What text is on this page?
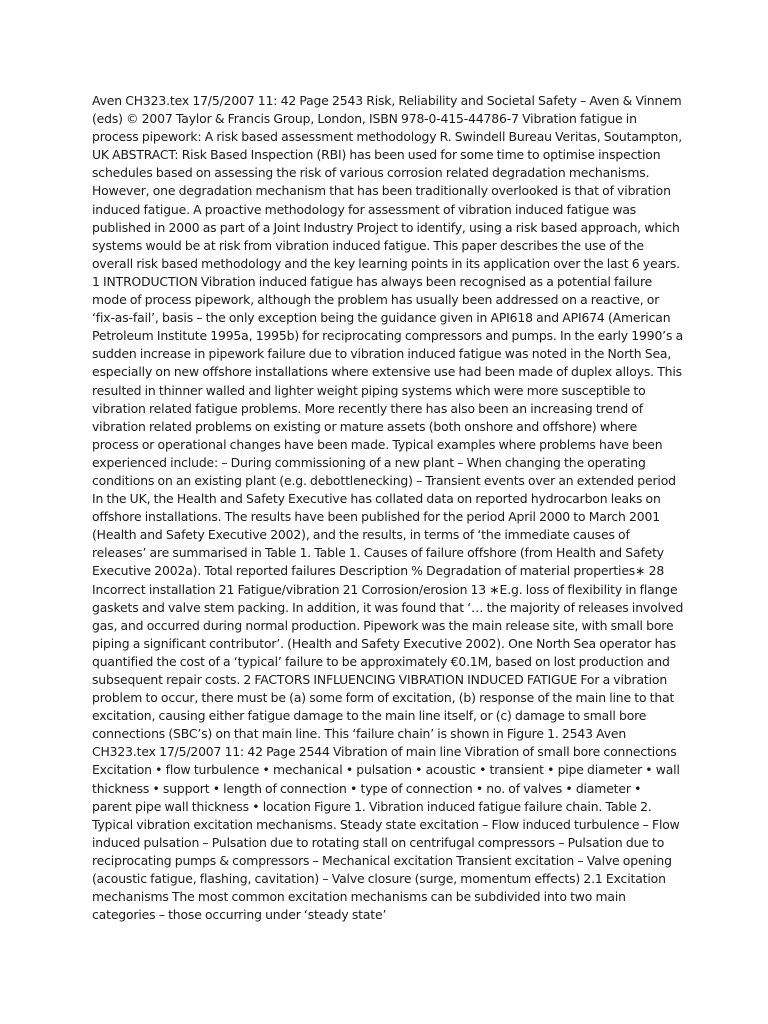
Aven CH323.tex 17/5/2007 11: 42 Page 2543 Risk, Reliability and Societal Safety – Aven & Vinnem (eds) © 2007 Taylor & Francis Group, London, ISBN 978-0-415-44786-7 Vibration fatigue in process pipework: A risk based assessment methodology R. Swindell Bureau Veritas, Soutampton, UK ABSTRACT: Risk Based Inspection (RBI) has been used for some time to optimise inspection schedules based on assessing the risk of various corrosion related degradation mechanisms. However, one degradation mechanism that has been traditionally overlooked is that of vibration induced fatigue. A proactive methodology for assessment of vibration induced fatigue was published in 2000 as part of a Joint Industry Project to identify, using a risk based approach, which systems would be at risk from vibration induced fatigue. This paper describes the use of the overall risk based methodology and the key learning points in its application over the last 6 years. 1 INTRODUCTION Vibration induced fatigue has always been recognised as a potential failure mode of process pipework, although the problem has usually been addressed on a reactive, or ‘fix-as-fail’, basis – the only exception being the guidance given in API618 and API674 (American Petroleum Institute 1995a, 1995b) for reciprocating compressors and pumps. In the early 1990’s a sudden increase in pipework failure due to vibration induced fatigue was noted in the North Sea, especially on new offshore installations where extensive use had been made of duplex alloys. This resulted in thinner walled and lighter weight piping systems which were more susceptible to vibration related fatigue problems. More recently there has also been an increasing trend of vibration related problems on existing or mature assets (both onshore and offshore) where process or operational changes have been made. Typical examples where problems have been experienced include: – During commissioning of a new plant – When changing the operating conditions on an existing plant (e.g. debottlenecking) – Transient events over an extended period In the UK, the Health and Safety Executive has collated data on reported hydrocarbon leaks on offshore installations. The results have been published for the period April 2000 to March 2001 (Health and Safety Executive 2002), and the results, in terms of ‘the immediate causes of releases’ are summarised in Table 1. Table 1. Causes of failure offshore (from Health and Safety Executive 2002a). Total reported failures Description % Degradation of material properties∗ 28 Incorrect installation 21 Fatigue/vibration 21 Corrosion/erosion 13 ∗E.g. loss of flexibility in flange gaskets and valve stem packing. In addition, it was found that ‘… the majority of releases involved gas, and occurred during normal production. Pipework was the main release site, with small bore piping a significant contributor’. (Health and Safety Executive 2002). One North Sea operator has quantified the cost of a ‘typical’ failure to be approximately €0.1M, based on lost production and subsequent repair costs. 2 FACTORS INFLUENCING VIBRATION INDUCED FATIGUE For a vibration problem to occur, there must be (a) some form of excitation, (b) response of the main line to that excitation, causing either fatigue damage to the main line itself, or (c) damage to small bore connections (SBC’s) on that main line. This ‘failure chain’ is shown in Figure 1. 2543 Aven CH323.tex 17/5/2007 11: 42 Page 2544 Vibration of main line Vibration of small bore connections Excitation • flow turbulence • mechanical • pulsation • acoustic • transient • pipe diameter • wall thickness • support • length of connection • type of connection • no. of valves • diameter • parent pipe wall thickness • location Figure 1. Vibration induced fatigue failure chain. Table 2. Typical vibration excitation mechanisms. Steady state excitation – Flow induced turbulence – Flow induced pulsation – Pulsation due to rotating stall on centrifugal compressors – Pulsation due to reciprocating pumps & compressors – Mechanical excitation Transient excitation – Valve opening (acoustic fatigue, flashing, cavitation) – Valve closure (surge, momentum effects) 2.1 Excitation mechanisms The most common excitation mechanisms can be subdivided into two main categories – those occurring under ‘steady state’
